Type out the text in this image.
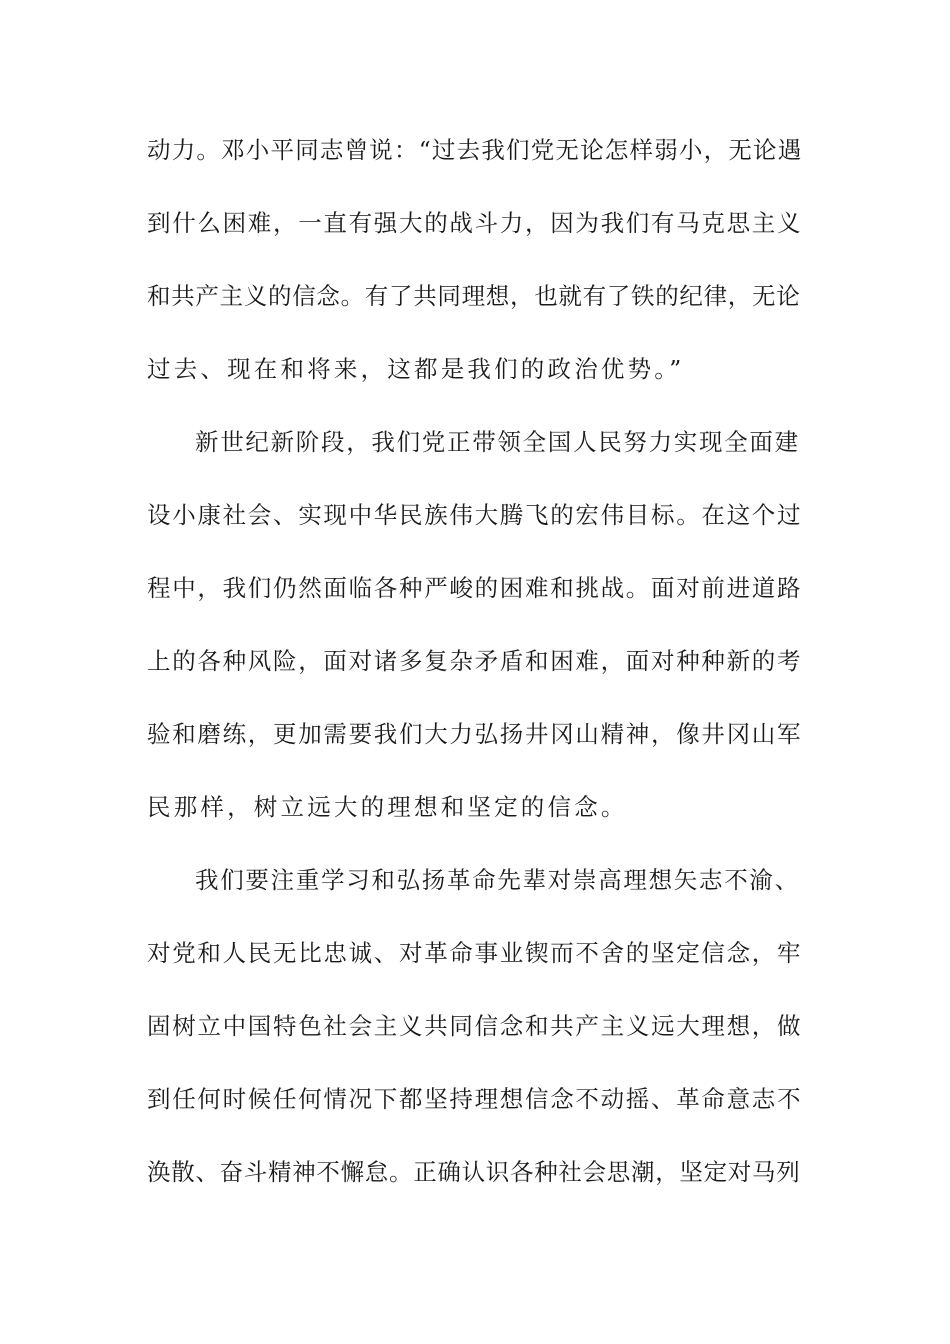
动力。邓小平同志曾说：“过去我们党无论怎样弱小，无论遇
到什么困难，一直有强大的战斗力，因为我们有马克思主义
和共产主义的信念。有了共同理想，也就有了铁的纪律，无论
过去、现在和将来，这都是我们的政治优势。”
新世纪新阶段，我们党正带领全国人民努力实现全面建
设小康社会、实现中华民族伟大腾飞的宏伟目标。在这个过
程中，我们仍然面临各种严峻的困难和挑战。面对前进道路
上的各种风险，面对诸多复杂矛盾和困难，面对种种新的考
验和磨练，更加需要我们大力弘扬井冈山精神，像井冈山军
民那样，树立远大的理想和坚定的信念。
我们要注重学习和弘扬革命先辈对崇高理想矢志不渝、
对党和人民无比忠诚、对革命事业锲而不舍的坚定信念，牢
固树立中国特色社会主义共同信念和共产主义远大理想，做
到任何时候任何情况下都坚持理想信念不动摇、革命意志不
涣散、奋斗精神不懈怠。正确认识各种社会思潮，坚定对马列
